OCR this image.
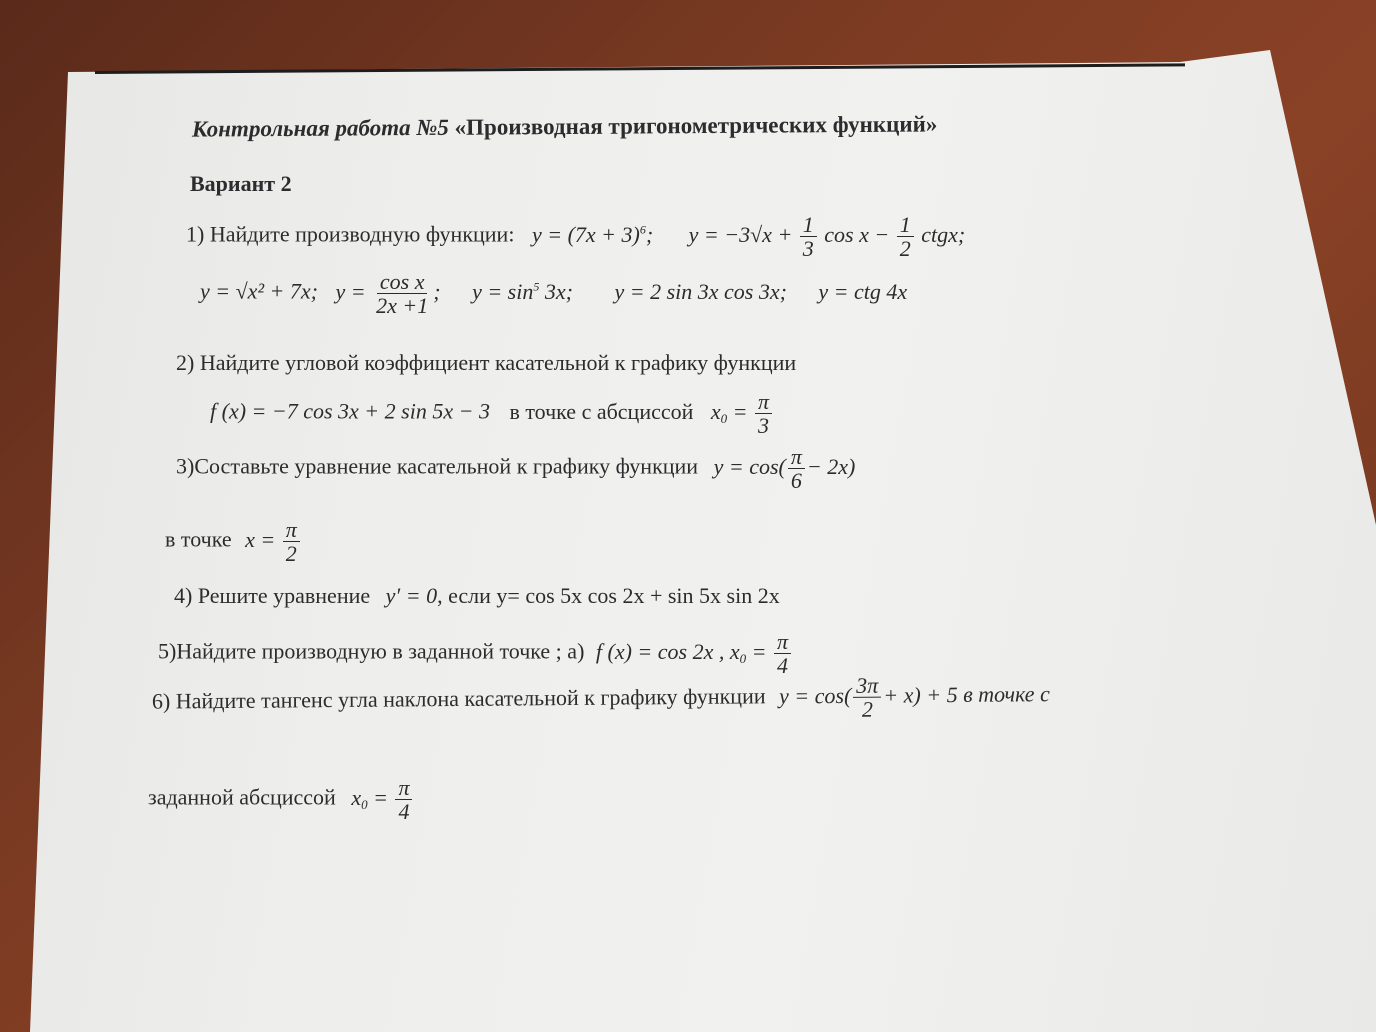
Контрольная работа №5 «Производная тригонометрических функций»
Вариант 2
1) Найдите производную функции: $y = (7x + 3)^6$; $y = -3√x + \frac{1}{3}$ $\cos x - \frac{1}{2}$ ctgx;
y = √x² + 7x; $y = \frac{\text{cos x}}{2x +1}$ ; $y = \sin^5 3x$; y = 2 sin 3x cos 3x; y = ctg 4x
2) Найдите угловой коэффициент касательной к графику функции
f (x) = −7 cos 3x + 2 sin 5x − 3 в точке с абсциссой $x_0 = \frac{\pi}{3}$
3)Составьте уравнение касательной к графику функции $y = \cos( \frac{\pi}{6} - 2x)$
в точке $x = \frac{\pi}{2}$
4) Решите уравнение y′ = 0, если y= cos 5x cos 2x + sin 5x sin 2x
5)Найдите производную в заданной точке ; а) f (x) = cos 2x , $x_0 = \frac{\pi}{4}$
6) Найдите тангенс угла наклона касательной к графику функции $y = \cos( \frac{3\pi}{2} + x) + 5$ в точке с
заданной абсциссой $x_0 = \frac{\pi}{4}$
